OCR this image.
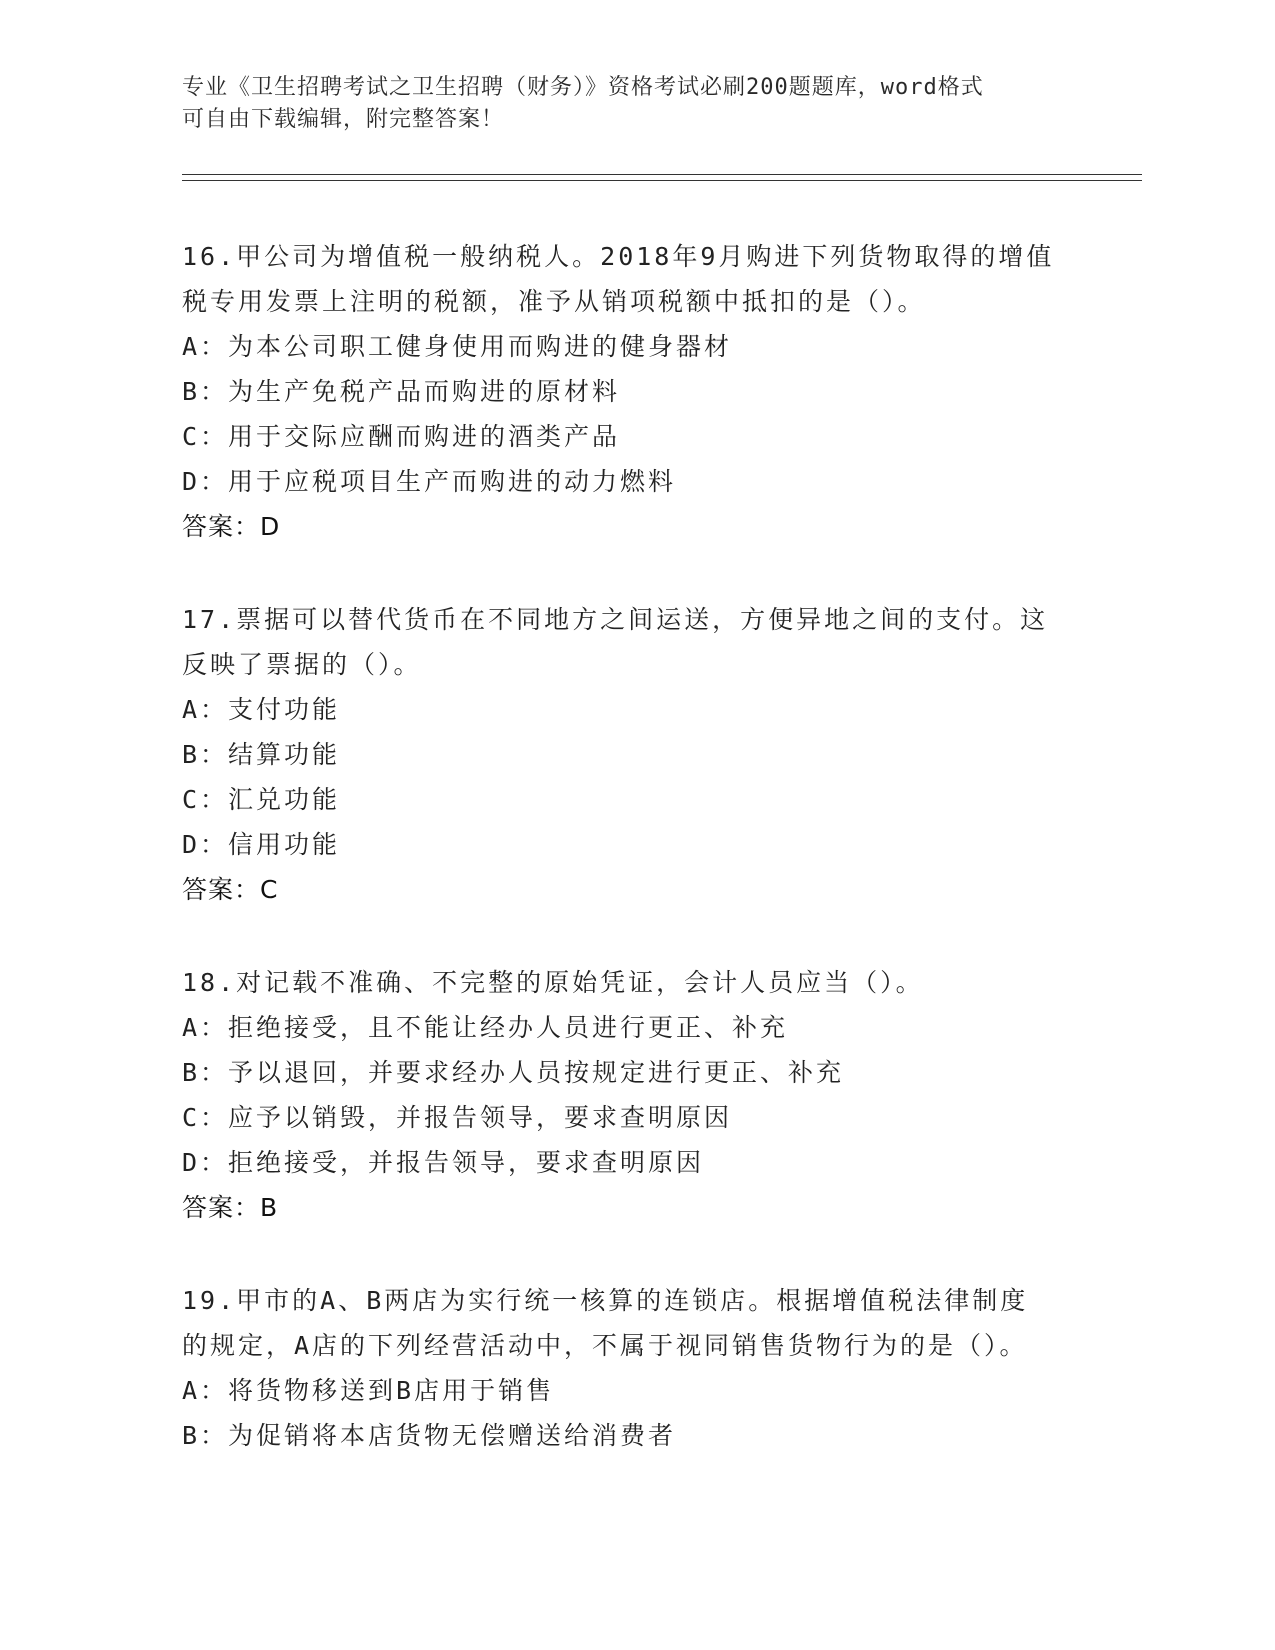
专业《卫生招聘考试之卫生招聘（财务）》资格考试必刷200题题库，word格式
可自由下载编辑，附完整答案！
16.甲公司为增值税一般纳税人。2018年9月购进下列货物取得的增值
税专用发票上注明的税额，准予从销项税额中抵扣的是（）。
A：为本公司职工健身使用而购进的健身器材
B：为生产免税产品而购进的原材料
C：用于交际应酬而购进的酒类产品
D：用于应税项目生产而购进的动力燃料
答案：D
17.票据可以替代货币在不同地方之间运送，方便异地之间的支付。这
反映了票据的（）。
A：支付功能
B：结算功能
C：汇兑功能
D：信用功能
答案：C
18.对记载不准确、不完整的原始凭证，会计人员应当（）。
A：拒绝接受，且不能让经办人员进行更正、补充
B：予以退回，并要求经办人员按规定进行更正、补充
C：应予以销毁，并报告领导，要求查明原因
D：拒绝接受，并报告领导，要求查明原因
答案：B
19.甲市的A、B两店为实行统一核算的连锁店。根据增值税法律制度
的规定，A店的下列经营活动中，不属于视同销售货物行为的是（）。
A：将货物移送到B店用于销售
B：为促销将本店货物无偿赠送给消费者
